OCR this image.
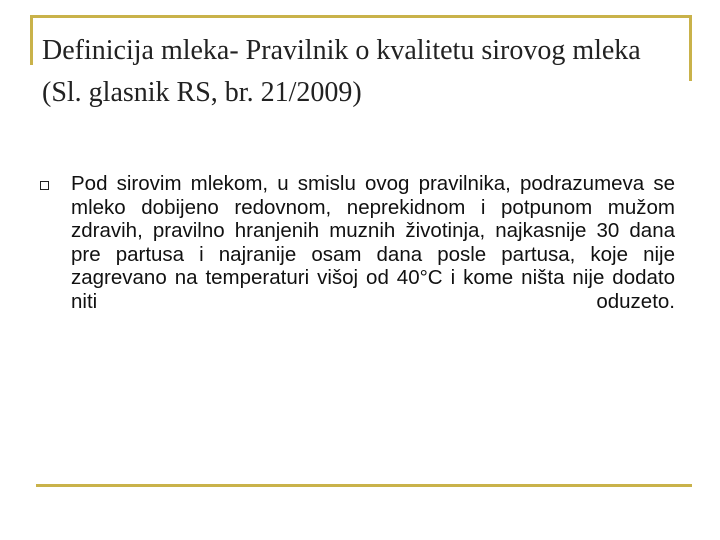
Definicija mleka- Pravilnik o kvalitetu sirovog mleka (Sl. glasnik RS, br. 21/2009)

Pod sirovim mlekom, u smislu ovog pravilnika, podrazumeva se mleko dobijeno redovnom, neprekidnom i potpunom mužom zdravih, pravilno hranjenih muznih životinja, najkasnije 30 dana pre partusa i najranije osam dana posle partusa, koje nije zagrevano na temperaturi višoj od 40°C i kome ništa nije dodato niti oduzeto.
